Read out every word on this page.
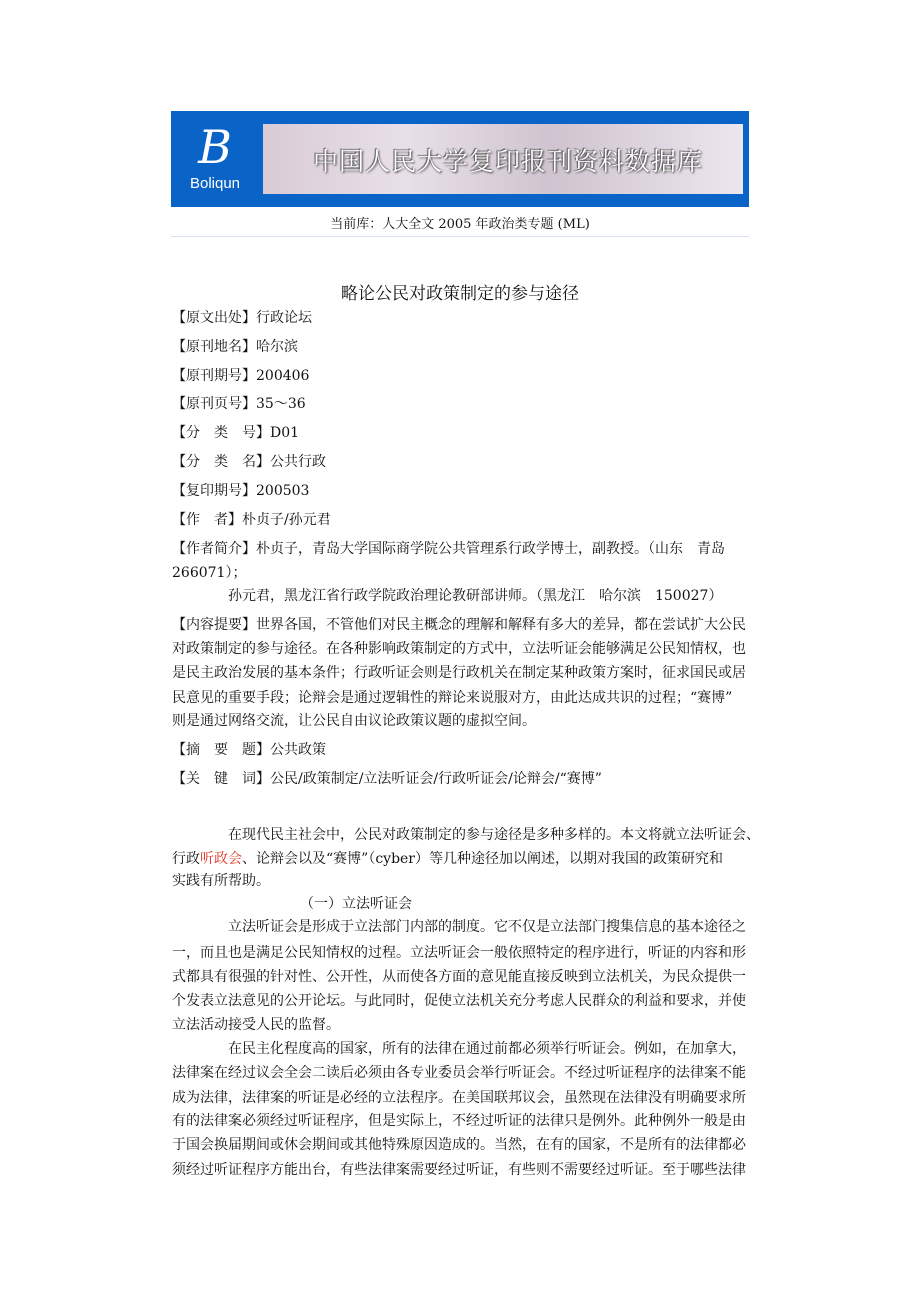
B
Boliqun
中国人民大学复印报刊资料数据库
当前库：人大全文 2005 年政治类专题 (ML)
略论公民对政策制定的参与途径
【原文出处】行政论坛
【原刊地名】哈尔滨
【原刊期号】200406
【原刊页号】35～36
【分　类　号】D01
【分　类　名】公共行政
【复印期号】200503
【作　者】朴贞子/孙元君
【作者简介】朴贞子，青岛大学国际商学院公共管理系行政学博士，副教授。（山东　青岛
266071）；
　　　　孙元君，黑龙江省行政学院政治理论教研部讲师。（黑龙江　哈尔滨　150027）
【内容提要】世界各国，不管他们对民主概念的理解和解释有多大的差异，都在尝试扩大公民
对政策制定的参与途径。在各种影响政策制定的方式中，立法听证会能够满足公民知情权，也
是民主政治发展的基本条件；行政听证会则是行政机关在制定某种政策方案时，征求国民或居
民意见的重要手段；论辩会是通过逻辑性的辩论来说服对方，由此达成共识的过程；“赛博”
则是通过网络交流，让公民自由议论政策议题的虚拟空间。
【摘　要　题】公共政策
【关　键　词】公民/政策制定/立法听证会/行政听证会/论辩会/“赛博”
　　　　在现代民主社会中，公民对政策制定的参与途径是多种多样的。本文将就立法听证会、
行政听政会、论辩会以及“赛博”（cyber）等几种途径加以阐述，以期对我国的政策研究和
实践有所帮助。
（一）立法听证会
　　　　立法听证会是形成于立法部门内部的制度。它不仅是立法部门搜集信息的基本途径之
一，而且也是满足公民知情权的过程。立法听证会一般依照特定的程序进行，听证的内容和形
式都具有很强的针对性、公开性，从而使各方面的意见能直接反映到立法机关，为民众提供一
个发表立法意见的公开论坛。与此同时，促使立法机关充分考虑人民群众的利益和要求，并使
立法活动接受人民的监督。
　　　　在民主化程度高的国家，所有的法律在通过前都必须举行听证会。例如，在加拿大，
法律案在经过议会全会二读后必须由各专业委员会举行听证会。不经过听证程序的法律案不能
成为法律，法律案的听证是必经的立法程序。在美国联邦议会，虽然现在法律没有明确要求所
有的法律案必须经过听证程序，但是实际上，不经过听证的法律只是例外。此种例外一般是由
于国会换届期间或休会期间或其他特殊原因造成的。当然，在有的国家，不是所有的法律都必
须经过听证程序方能出台，有些法律案需要经过听证，有些则不需要经过听证。至于哪些法律
